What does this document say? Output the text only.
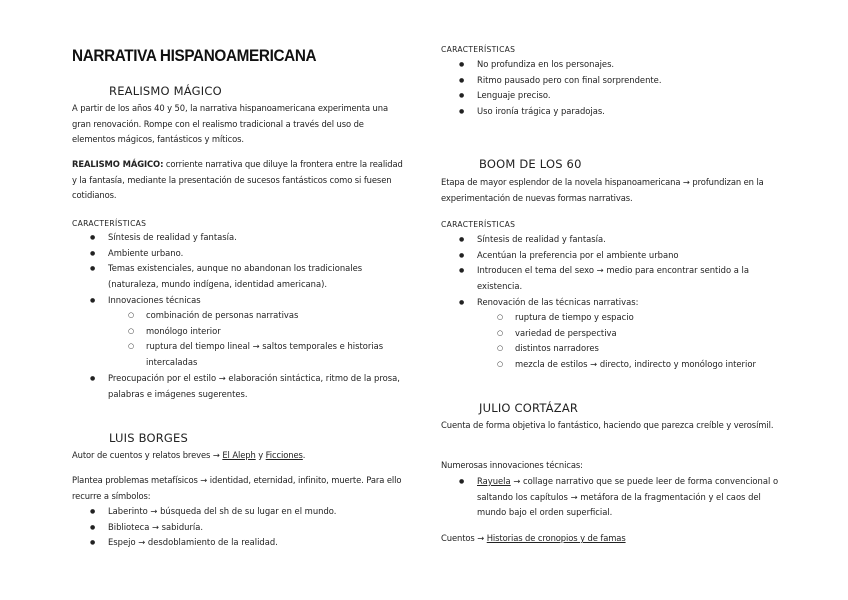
NARRATIVA HISPANOAMERICANA
REALISMO MÁGICO
A partir de los años 40 y 50, la narrativa hispanoamericana experimenta una gran renovación. Rompe con el realismo tradicional a través del uso de elementos mágicos, fantásticos y míticos.
REALISMO MÁGICO: corriente narrativa que diluye la frontera entre la realidad y la fantasía, mediante la presentación de sucesos fantásticos como si fuesen cotidianos.
CARACTERÍSTICAS
● Síntesis de realidad y fantasía.
● Ambiente urbano.
● Temas existenciales, aunque no abandonan los tradicionales (naturaleza, mundo indígena, identidad americana).
● Innovaciones técnicas
○ combinación de personas narrativas
○ monólogo interior
○ ruptura del tiempo lineal → saltos temporales e historias intercaladas
● Preocupación por el estilo → elaboración sintáctica, ritmo de la prosa, palabras e imágenes sugerentes.
LUIS BORGES
Autor de cuentos y relatos breves → El Aleph y Ficciones.
Plantea problemas metafísicos → identidad, eternidad, infinito, muerte. Para ello recurre a símbolos:
● Laberinto → búsqueda del sh de su lugar en el mundo.
● Biblioteca → sabiduría.
● Espejo → desdoblamiento de la realidad.
CARACTERÍSTICAS
● No profundiza en los personajes.
● Ritmo pausado pero con final sorprendente.
● Lenguaje preciso.
● Uso ironía trágica y paradojas.
BOOM DE LOS 60
Etapa de mayor esplendor de la novela hispanoamericana → profundizan en la experimentación de nuevas formas narrativas.
CARACTERÍSTICAS
● Síntesis de realidad y fantasía.
● Acentúan la preferencia por el ambiente urbano
● Introducen el tema del sexo → medio para encontrar sentido a la existencia.
● Renovación de las técnicas narrativas:
○ ruptura de tiempo y espacio
○ variedad de perspectiva
○ distintos narradores
○ mezcla de estilos → directo, indirecto y monólogo interior
JULIO CORTÁZAR
Cuenta de forma objetiva lo fantástico, haciendo que parezca creíble y verosímil.
Numerosas innovaciones técnicas:
● Rayuela → collage narrativo que se puede leer de forma convencional o saltando los capítulos → metáfora de la fragmentación y el caos del mundo bajo el orden superficial.
Cuentos → Historias de cronopios y de famas
